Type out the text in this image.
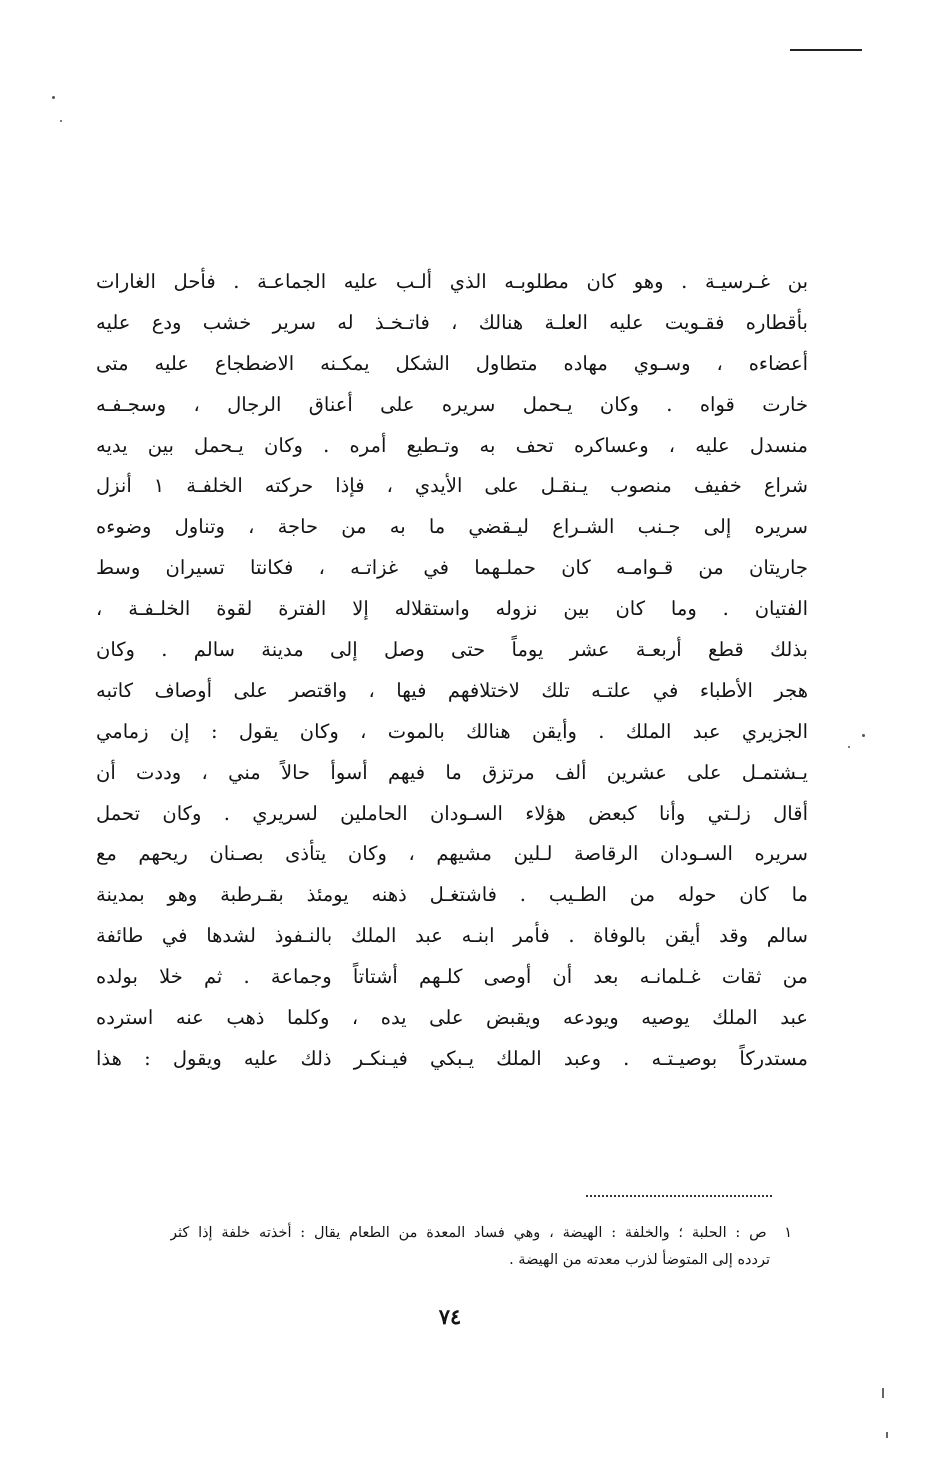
بن غـرسيـة . وهو كان مطلوبـه الذي ألـب عليه الجماعـة . فأحل الغارات
بأقطاره فقـويت عليه العلـة هنالك ، فاتـخـذ له سرير خشب ودع عليه
أعضاءه ، وسـوي مهاده متطاول الشكل يمكـنه الاضطجاع عليه متى
خارت قواه . وكان يـحمل سريره على أعناق الرجال ، وسجـفـه
منسدل عليه ، وعساكره تحف به وتـطيع أمره . وكان يـحمل بين يديه
شراع خفيف منصوب يـنقـل على الأيدي ، فإذا حركته الخلفـة ١ أنزل
سريره إلى جـنب الشـراع ليـقضي ما به من حاجة ، وتناول وضوءه
جاريتان من قـوامـه كان حملـهما في غزاتـه ، فكانتا تسيران وسط
الفتيان . وما كان بين نزوله واستقلاله إلا الفترة لقوة الخلـفـة ،
بذلك قطع أربعـة عشر يوماً حتى وصل إلى مدينة سالم . وكان
هجر الأطباء في علتـه تلك لاختلافهم فيها ، واقتصر على أوصاف كاتبه
الجزيري عبد الملك . وأيقن هنالك بالموت ، وكان يقول : إن زمامي
يـشتمـل على عشرين ألف مرتزق ما فيهم أسوأ حالاً مني ، وددت أن
أقال زلـتي وأنا كبعض هؤلاء السـودان الحاملين لسريري . وكان تحمل
سريره السـودان الرقاصة لـلين مشيهم ، وكان يتأذى بصـنان ريحهم مع
ما كان حوله من الطـيب . فاشتغـل ذهنه يومئذ بقـرطبة وهو بمدينة
سالم وقد أيقن بالوفاة . فأمر ابنـه عبد الملك بالنـفوذ لشدها في طائفة
من ثقات غـلمانـه بعد أن أوصى كلـهم أشتاتاً وجماعة . ثم خلا بولده
عبد الملك يوصيه ويودعه ويقبض على يده ، وكلما ذهب عنه استرده
مستدركاً بوصيـتـه . وعبد الملك يـبكي فيـنكـر ذلك عليه ويقول : هذا
١  ص : الحلبة ؛ والخلفة : الهيضة ، وهي فساد المعدة من الطعام يقال : أخذته خلفة إذا كثر
تردده إلى المتوضأ لذرب معدته من الهيضة .
٧٤
